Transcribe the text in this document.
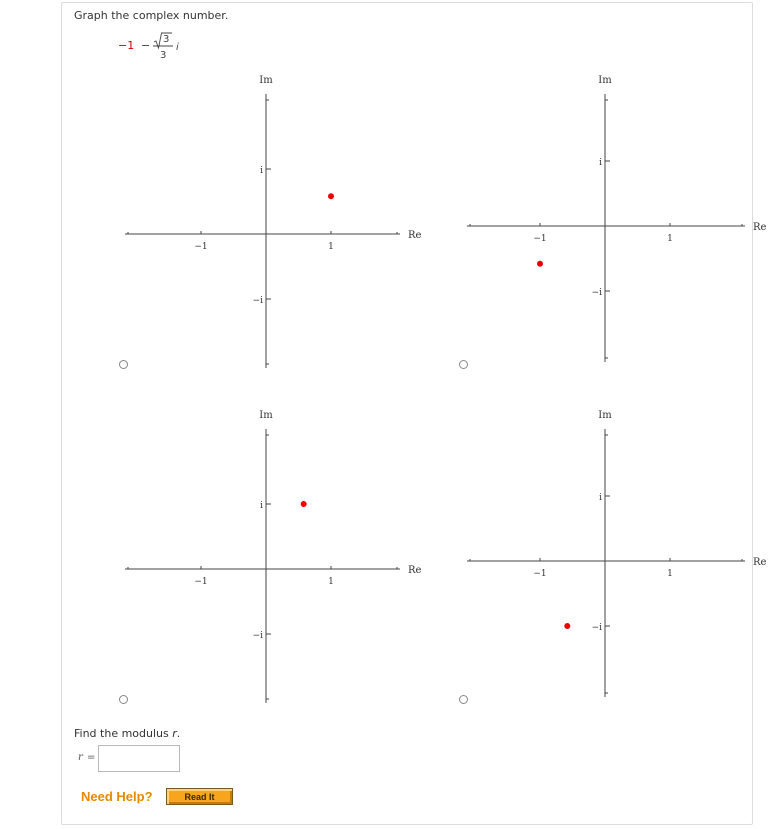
Graph the complex number.
−1 − 3
3
i
−1	1
i
−i
Im
Re	−1	1
i
−i
Im
Re
−1	1
i
−i
Im
Re	−1	1
i
−i
Im
Re
Find the modulus r.
r =
Need Help?	Read It
